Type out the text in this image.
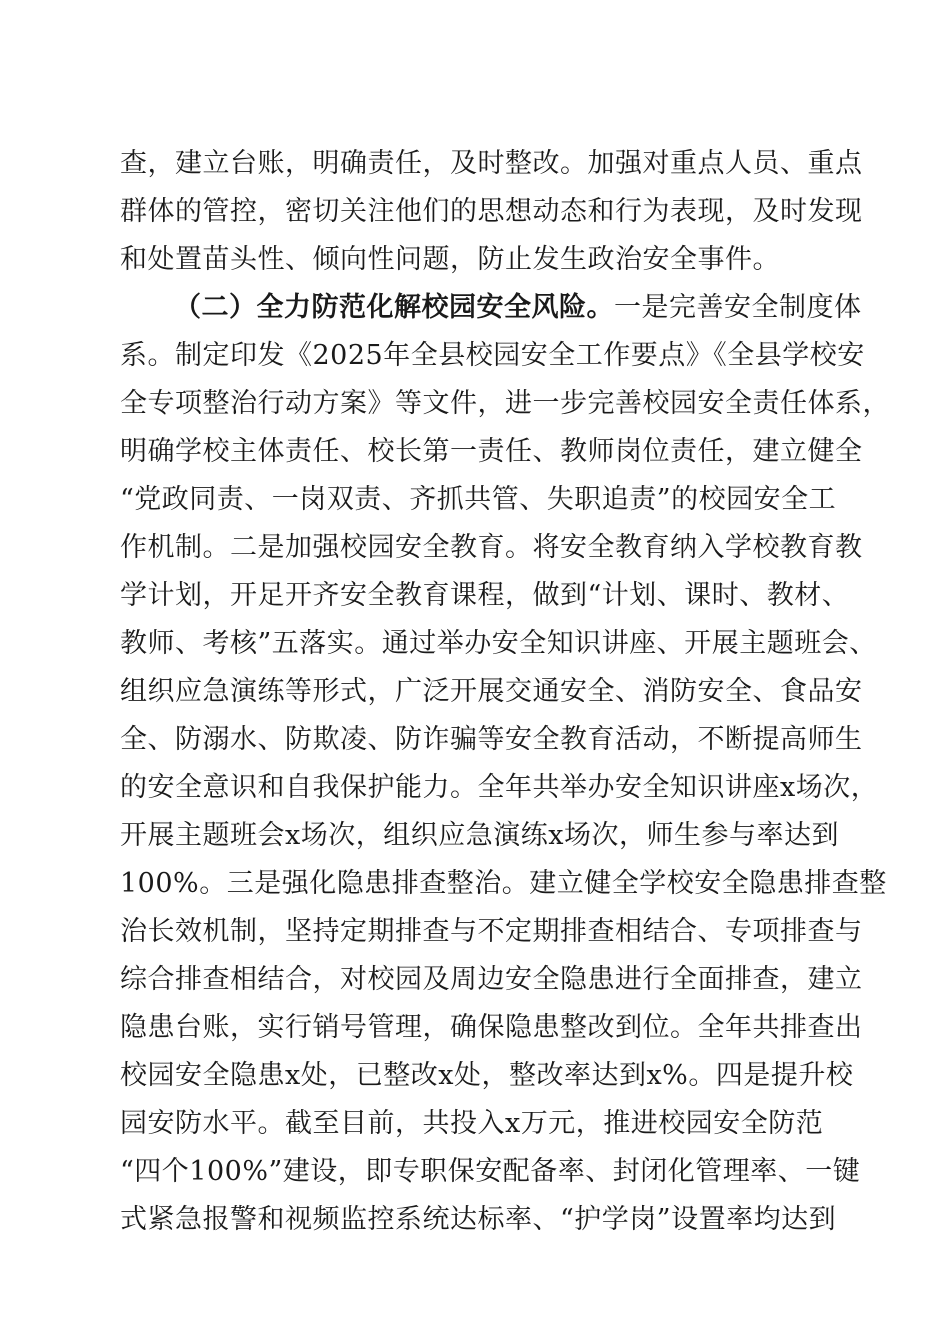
查，建立台账，明确责任，及时整改。加强对重点人员、重点
群体的管控，密切关注他们的思想动态和行为表现，及时发现
和处置苗头性、倾向性问题，防止发生政治安全事件。
（二）全力防范化解校园安全风险。一是完善安全制度体
系。制定印发《2025年全县校园安全工作要点》《全县学校安
全专项整治行动方案》等文件，进一步完善校园安全责任体系，
明确学校主体责任、校长第一责任、教师岗位责任，建立健全
“党政同责、一岗双责、齐抓共管、失职追责”的校园安全工
作机制。二是加强校园安全教育。将安全教育纳入学校教育教
学计划，开足开齐安全教育课程，做到“计划、课时、教材、
教师、考核”五落实。通过举办安全知识讲座、开展主题班会、
组织应急演练等形式，广泛开展交通安全、消防安全、食品安
全、防溺水、防欺凌、防诈骗等安全教育活动，不断提高师生
的安全意识和自我保护能力。全年共举办安全知识讲座x场次，
开展主题班会x场次，组织应急演练x场次，师生参与率达到
100%。三是强化隐患排查整治。建立健全学校安全隐患排查整
治长效机制，坚持定期排查与不定期排查相结合、专项排查与
综合排查相结合，对校园及周边安全隐患进行全面排查，建立
隐患台账，实行销号管理，确保隐患整改到位。全年共排查出
校园安全隐患x处，已整改x处，整改率达到x%。四是提升校
园安防水平。截至目前，共投入x万元，推进校园安全防范
“四个100%”建设，即专职保安配备率、封闭化管理率、一键
式紧急报警和视频监控系统达标率、“护学岗”设置率均达到
